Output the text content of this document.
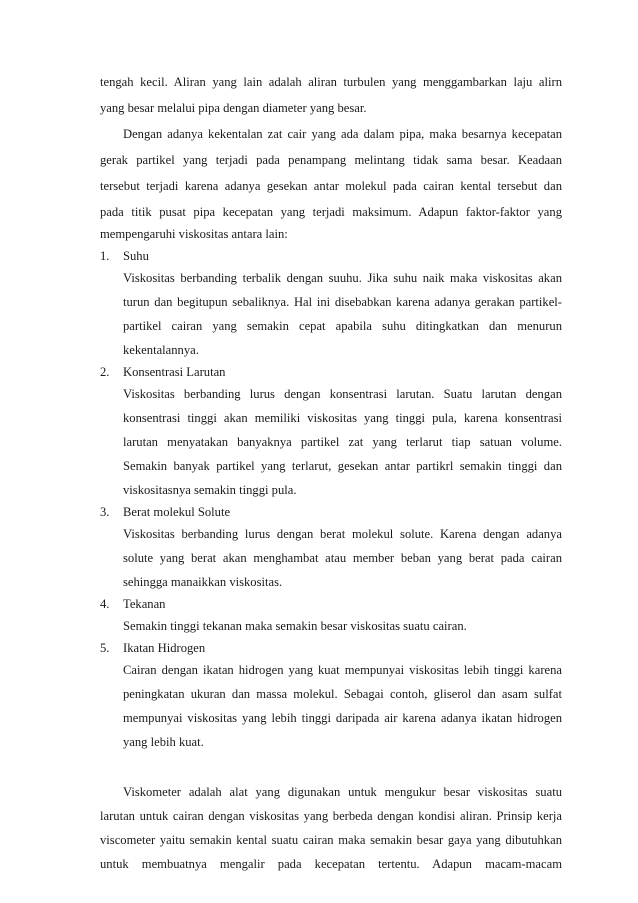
tengah kecil. Aliran yang lain adalah aliran turbulen yang menggambarkan laju alirn
yang besar melalui pipa dengan diameter yang besar.
Dengan adanya kekentalan zat cair yang ada dalam pipa, maka besarnya kecepatan
gerak partikel yang terjadi pada penampang melintang tidak sama besar. Keadaan
tersebut terjadi karena adanya gesekan antar molekul pada cairan kental tersebut dan
pada titik pusat pipa kecepatan yang terjadi maksimum. Adapun faktor-faktor yang
mempengaruhi viskositas antara lain:
1. Suhu
Viskositas berbanding terbalik dengan suuhu. Jika suhu naik maka viskositas akan
turun dan begitupun sebaliknya. Hal ini disebabkan karena adanya gerakan partikel-
partikel cairan yang semakin cepat apabila suhu ditingkatkan dan menurun
kekentalannya.
2. Konsentrasi Larutan
Viskositas berbanding lurus dengan konsentrasi larutan. Suatu larutan dengan
konsentrasi tinggi akan memiliki viskositas yang tinggi pula, karena konsentrasi
larutan menyatakan banyaknya partikel zat yang terlarut tiap satuan volume.
Semakin banyak partikel yang terlarut, gesekan antar partikrl semakin tinggi dan
viskositasnya semakin tinggi pula.
3. Berat molekul Solute
Viskositas berbanding lurus dengan berat molekul solute. Karena dengan adanya
solute yang berat akan menghambat atau member beban yang berat pada cairan
sehingga manaikkan viskositas.
4. Tekanan
Semakin tinggi tekanan maka semakin besar viskositas suatu cairan.
5. Ikatan Hidrogen
Cairan dengan ikatan hidrogen yang kuat mempunyai viskositas lebih tinggi karena
peningkatan ukuran dan massa molekul. Sebagai contoh, gliserol dan asam sulfat
mempunyai viskositas yang lebih tinggi daripada air karena adanya ikatan hidrogen
yang lebih kuat.
Viskometer adalah alat yang digunakan untuk mengukur besar viskositas suatu
larutan untuk cairan dengan viskositas yang berbeda dengan kondisi aliran. Prinsip kerja
viscometer yaitu semakin kental suatu cairan maka semakin besar gaya yang dibutuhkan
untuk membuatnya mengalir pada kecepatan tertentu. Adapun macam-macam
